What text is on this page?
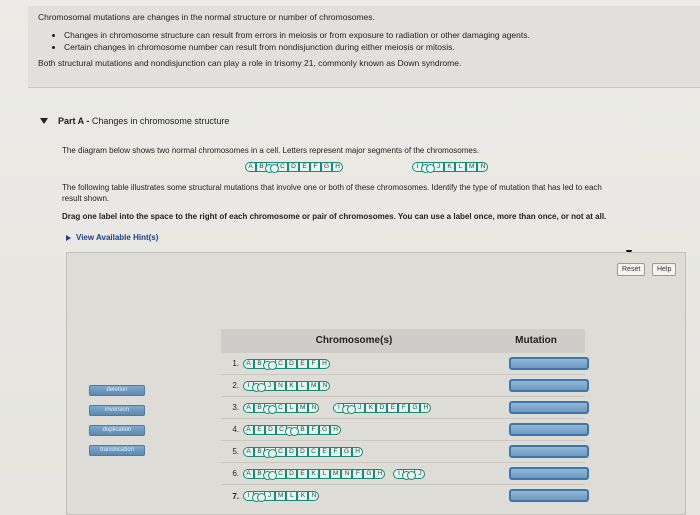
Chromosomal mutations are changes in the normal structure or number of chromosomes.

• Changes in chromosome structure can result from errors in meiosis or from exposure to radiation or other damaging agents.
• Certain changes in chromosome number can result from nondisjunction during either meiosis or mitosis.

Both structural mutations and nondisjunction can play a role in trisomy 21, commonly known as Down syndrome.

Part A - Changes in chromosome structure
The diagram below shows two normal chromosomes in a cell. Letters represent major segments of the chromosomes.
A	B	C D E	F	G H	I	J	K	L	M N
The following table illustrates some structural mutations that involve one or both of these chromosomes. Identify the type of mutation that has led to each
result shown.
Drag one label into the space to the right of each chromosome or pair of chromosomes. You can use a label once, more than once, or not at all.
View Available Hint(s)
Reset	Help
deletion
inversion
duplication
translocation
Chromosome(s)	Mutation
1.	A	B	C D E	F	H
2.	I	J	N K	L	M N
3.	A	B	C	L	M N	I	J	K D E	F	G H
4.	A	E D C	B	F	G H
5.	A	B	C D D C E	F	G H
6.	A	B	C D E	K	L	M N	F	G H	I	J
7.	I	J	M	L	K N
